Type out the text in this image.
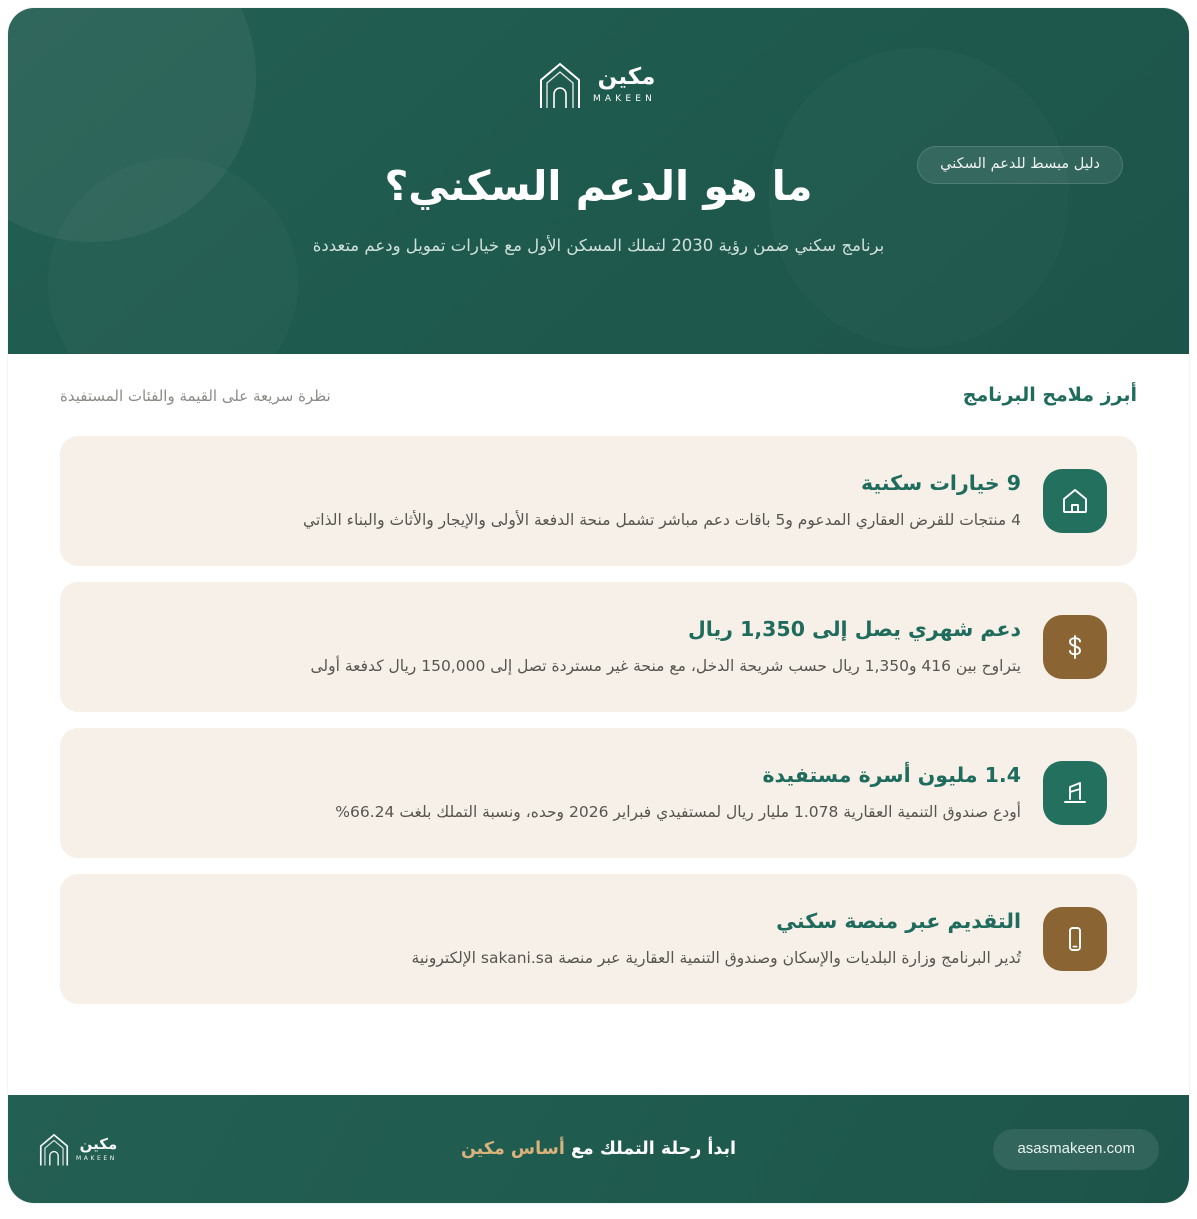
مكين
MAKEEN
دليل مبسط للدعم السكني
ما هو الدعم السكني؟

برنامج سكني ضمن رؤية 2030 لتملك المسكن الأول مع خيارات تمويل ودعم متعددة

أبرز ملامح البرنامج
نظرة سريعة على القيمة والفئات المستفيدة

9 خيارات سكنية

4 منتجات للقرض العقاري المدعوم و5 باقات دعم مباشر تشمل منحة الدفعة الأولى والإيجار والأثاث والبناء الذاتي

دعم شهري يصل إلى 1,350 ريال

يتراوح بين 416 و1,350 ريال حسب شريحة الدخل، مع منحة غير مستردة تصل إلى 150,000 ريال كدفعة أولى

1.4 مليون أسرة مستفيدة

أودع صندوق التنمية العقارية 1.078 مليار ريال لمستفيدي فبراير 2026 وحده، ونسبة التملك بلغت 66.24%

التقديم عبر منصة سكني

تُدير البرنامج وزارة البلديات والإسكان وصندوق التنمية العقارية عبر منصة sakani.sa الإلكترونية

asasmakeen.com
ابدأ رحلة التملك مع أساس مكين
مكين
MAKEEN
